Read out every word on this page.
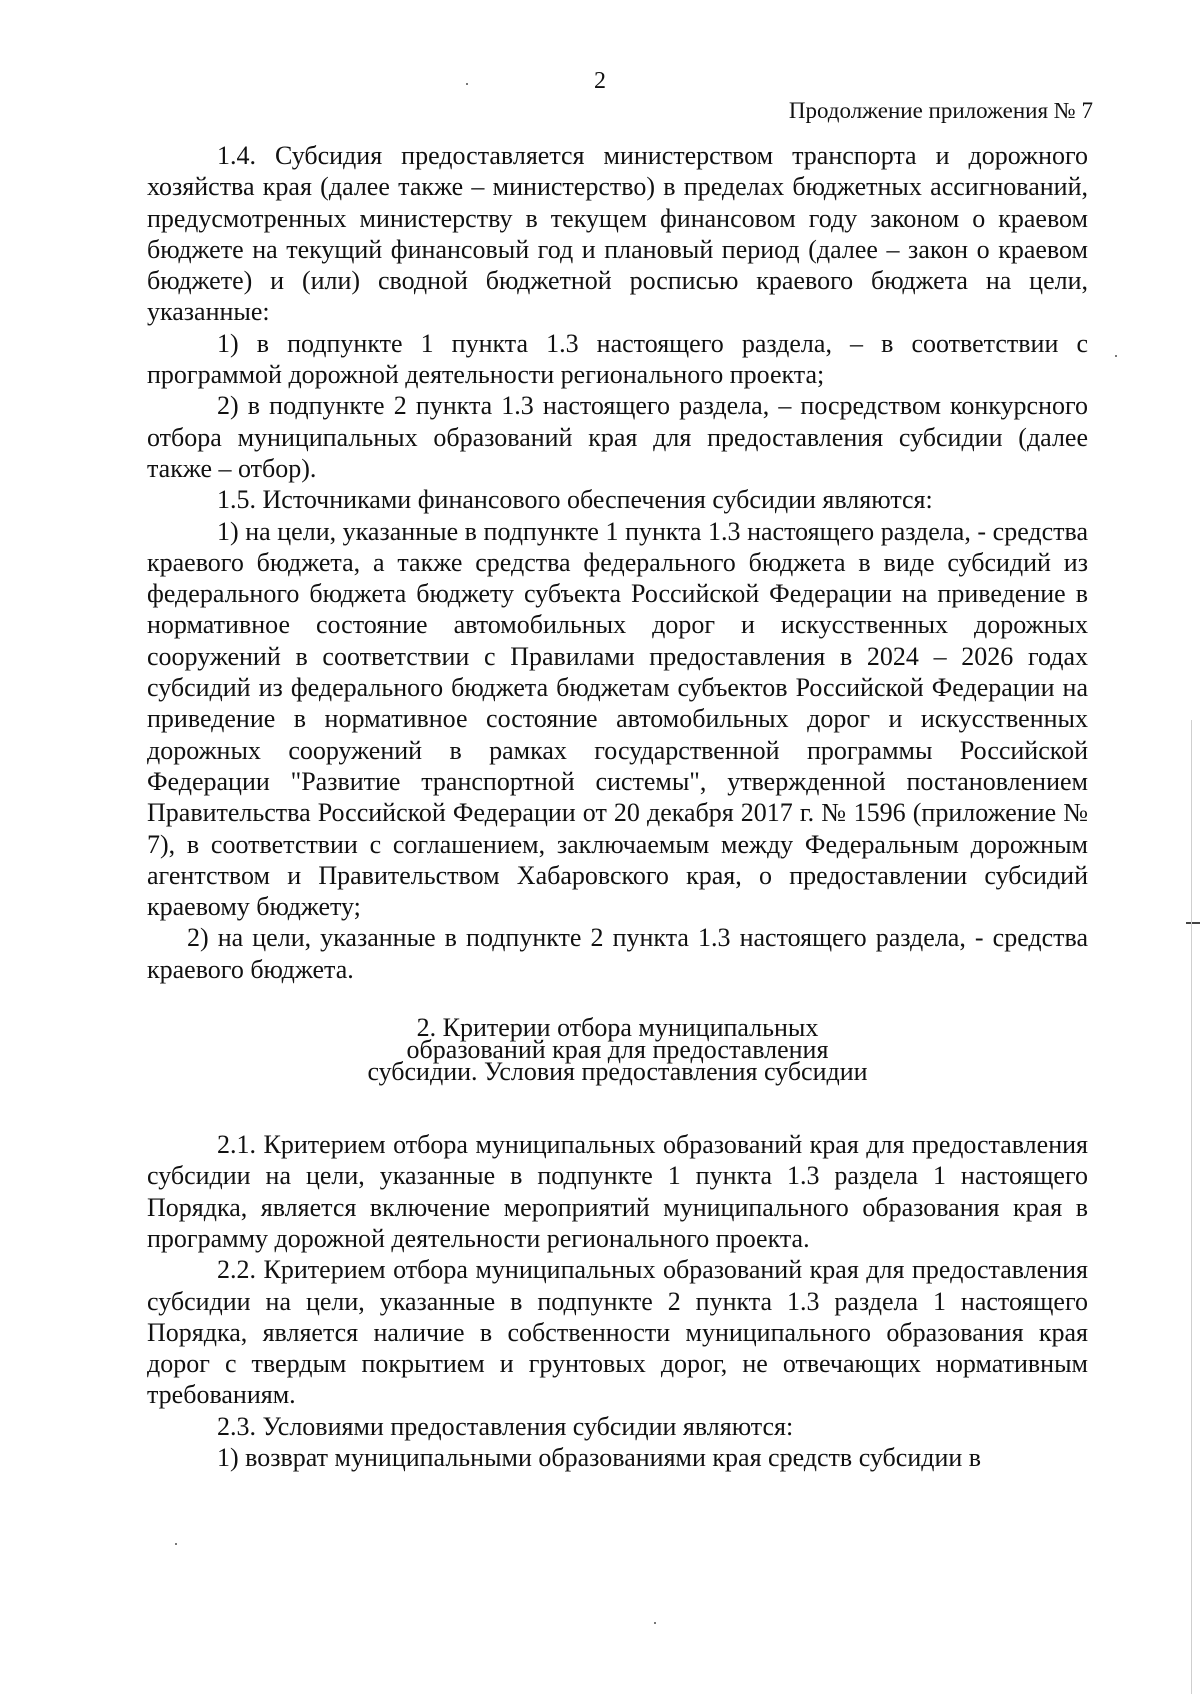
2
Продолжение приложения № 7

1.4. Субсидия предоставляется министерством транспорта и дорожного хозяйства края (далее также – министерство) в пределах бюджетных ассигнований, предусмотренных министерству в текущем финансовом году законом о краевом бюджете на текущий финансовый год и плановый период (далее – закон о краевом бюджете) и (или) сводной бюджетной росписью краевого бюджета на цели, указанные:

1) в подпункте 1 пункта 1.3 настоящего раздела, – в соответствии с программой дорожной деятельности регионального проекта;

2) в подпункте 2 пункта 1.3 настоящего раздела, – посредством конкурсного отбора муниципальных образований края для предоставления субсидии (далее также – отбор).

1.5. Источниками финансового обеспечения субсидии являются:

1) на цели, указанные в подпункте 1 пункта 1.3 настоящего раздела, - средства краевого бюджета, а также средства федерального бюджета в виде субсидий из федерального бюджета бюджету субъекта Российской Федерации на приведение в нормативное состояние автомобильных дорог и искусственных дорожных сооружений в соответствии с Правилами предоставления в 2024 – 2026 годах субсидий из федерального бюджета бюджетам субъектов Российской Федерации на приведение в нормативное состояние автомобильных дорог и искусственных дорожных сооружений в рамках государственной программы Российской Федерации "Развитие транспортной системы", утвержденной постановлением Правительства Российской Федерации от 20 декабря 2017 г. № 1596 (приложение № 7), в соответствии с соглашением, заключаемым между Федеральным дорожным агентством и Правительством Хабаровского края, о предоставлении субсидий краевому бюджету;

2) на цели, указанные в подпункте 2 пункта 1.3 настоящего раздела, - средства краевого бюджета.

2. Критерии отбора муниципальных
образований края для предоставления
субсидии. Условия предоставления субсидии

2.1. Критерием отбора муниципальных образований края для предоставления субсидии на цели, указанные в подпункте 1 пункта 1.3 раздела 1 настоящего Порядка, является включение мероприятий муниципального образования края в программу дорожной деятельности регионального проекта.

2.2. Критерием отбора муниципальных образований края для предоставления субсидии на цели, указанные в подпункте 2 пункта 1.3 раздела 1 настоящего Порядка, является наличие в собственности муниципального образования края дорог с твердым покрытием и грунтовых дорог, не отвечающих нормативным требованиям.

2.3. Условиями предоставления субсидии являются:

1) возврат муниципальными образованиями края средств субсидии в
